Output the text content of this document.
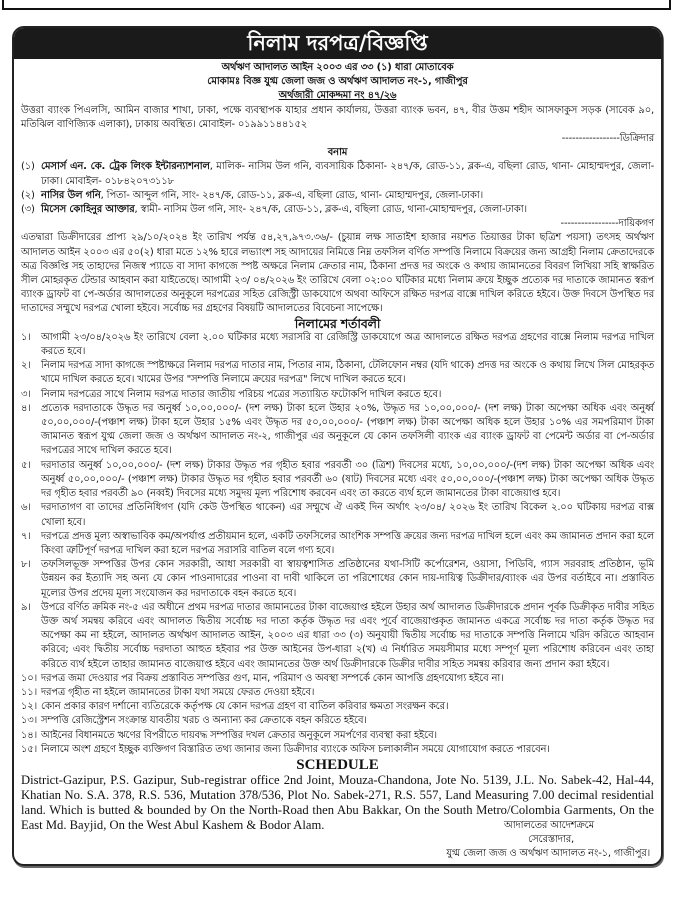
নিলাম দরপত্র/বিজ্ঞপ্তি
অর্থঋণ আদালত আইন ২০০৩ এর ৩৩ (১) ধারা মোতাবেক
মোকামঃ বিজ্ঞ যুগ্ম জেলা জজ ও অর্থঋণ আদালত নং-১, গাজীপুর
অর্থজারী মোকদ্দমা নং ৪৭/২৬
উত্তরা ব্যাংক পিএলসি, আমিন বাজার শাখা, ঢাকা, পক্ষে ব্যবস্থাপক যাহার প্রধান কার্যালয়, উত্তরা ব্যাংক ভবন, ৪৭, বীর উত্তম শহীদ আসফাকুস সড়ক (সাবেক ৯০, মতিঝিল বাণিজ্যিক এলাকা), ঢাকায় অবস্থিত। মোবাইল- ০১৯৯১১৪৪১৫২
-----------------ডিক্রিদার
বনাম
(১) মেসার্স এন. কে. ট্রেক লিংক ইন্টারন্যাশনাল, মালিক- নাসিম উল গনি, ব্যবসায়িক ঠিকানা- ২৪৭/ক, রোড-১১, ব্লক-এ, বছিলা রোড, থানা- মোহাম্মদপুর, জেলা- ঢাকা। মোবাইল- ০১৮৪২০৭৩১১৮
(২) নাসির উল গনি, পিতা- আব্দুল গনি, সাং- ২৪৭/ক, রোড-১১, ব্লক-এ, বছিলা রোড, থানা- মোহাম্মদপুর, জেলা-ঢাকা।
(৩) মিসেস কোহিনুর আক্তার, স্বামী- নাসিম উল গনি, সাং- ২৪৭/ক, রোড-১১, ব্লক-এ, বছিলা রোড, থানা-মোহাম্মদপুর, জেলা-ঢাকা।
-----------------দায়িকগণ
এতদ্বারা ডিক্রীদারের প্রাপ্য ২৯/১০/২০২৪ ইং তারিখ পর্যন্ত ৫৪,২৭,৯৭৩.৩৬/- (চুয়ান্ন লক্ষ সাতাইশ হাজার নয়শত তিয়াত্তর টাকা ছত্রিশ পয়সা) তৎসহ অর্থঋণ আদালত আইন ২০০৩ এর ৫০(২) ধারা মতে ১২% হারে লভ্যাংশ সহ আদায়ের নিমিত্তে নিম্ন তফসিল বর্ণিত সম্পত্তি নিলামে বিক্রয়ের জন্য আগ্রহী নিলাম ক্রেতাদেরকে অত্র বিজ্ঞপ্তি সহ তাহাদের নিজস্ব প্যাডে বা সাদা কাগজে স্পষ্ট অক্ষরে নিলাম ক্রেতার নাম, ঠিকানা প্রদত্ত দর অংকে ও কথায় জামানতের বিবরণ লিখিয়া সহি স্বাক্ষরিত সীল মোহরকৃত টেন্ডার আহবান করা যাইতেছে। আগামী ২৩/ ০৪/২০২৬ ইং তারিখে বেলা ০২:০০ ঘটিকার মধ্যে নিলাম ক্রয়ে ইচ্ছুক প্রত্যেক দর দাতাকে জামানত স্বরূপ ব্যাংক ড্রাফট বা পে-অর্ডার আদালতের অনুকূলে দরপত্রের সহিত রেজিস্ট্রী ডাকযোগে অথবা অফিসে রক্ষিত দরপত্র বাক্সে দাখিল করিতে হইবে। উক্ত দিবসে উপস্থিত দর দাতাদের সম্মুখে দরপত্র খোলা হইবে। সর্বোচ্চ দর গ্রহণের বিষয়টি আদালতের বিবেচনা সাপেক্ষে।
নিলামের শর্তাবলী
১।	আগামী ২৩/০৪/২০২৬ ইং তারিখে বেলা ২.০০ ঘটিকার মধ্যে সরাসরি বা রেজিস্ট্রি ডাকযোগে অত্র আদালতে রক্ষিত দরপত্র গ্রহণের বাক্সে নিলাম দরপত্র দাখিল করতে হবে।
২।	নিলাম দরপত্র সাদা কাগজে স্পষ্টাক্ষরে নিলাম দরপত্র দাতার নাম, পিতার নাম, ঠিকানা, টেলিফোন নম্বর (যদি থাকে) প্রদত্ত দর অংকে ও কথায় লিখে সিল মোহরকৃত খামে দাখিল করতে হবে। খামের উপর "সম্পত্তি নিলামে ক্রয়ের দরপত্র" লিখে দাখিল করতে হবে।
৩।	নিলাম দরপত্রের সাথে নিলাম দরপত্র দাতার জাতীয় পরিচয় পত্রের সত্যায়িত ফটোকপি দাখিল করতে হবে।
৪।	প্রত্যেক দরদাতাকে উদ্ধৃত দর অনুর্ধ্ব ১০,০০,০০০/- (দশ লক্ষ) টাকা হলে উহার ২০%, উদ্ধৃত দর ১০,০০,০০০/- (দশ লক্ষ) টাকা অপেক্ষা অধিক এবং অনুর্ধ্ব ৫০,০০,০০০/-(পঞ্চাশ লক্ষ) টাকা হলে উহার ১৫% এবং উদ্ধৃত দর ৫০,০০,০০০/- (পঞ্চাশ লক্ষ) টাকা অপেক্ষা অধিক হলে উহার ১০% এর সমপরিমাণ টাকা জামানত স্বরূপ যুগ্ম জেলা জজ ও অর্থঋণ আদালত নং-২, গাজীপুর এর অনুকূলে যে কোন তফসিলী ব্যাংক এর ব্যাংক ড্রাফট বা পেমেন্ট অর্ডার বা পে-অর্ডার দরপত্রের সাথে দাখিল করতে হবে।
৫।	দরদাতার অনুর্ধ্ব ১০,০০,০০০/- (দশ লক্ষ) টাকার উদ্ধৃত পর গৃহীত হবার পরবর্তী ৩০ (ত্রিশ) দিবসের মধ্যে, ১০,০০,০০০/-(দশ লক্ষ) টাকা অপেক্ষা অধিক এবং অনুর্ধ্ব ৫০,০০,০০০/- (পঞ্চাশ লক্ষ) টাকার উদ্ধৃত দর গৃহীত হবার পরবর্তী ৬০ (ষাট) দিবসের মধ্যে এবং ৫০,০০,০০০/-(পঞ্চাশ লক্ষ) টাকা অপেক্ষা অধিক উদ্ধৃত দর গৃহীত হবার পরবর্তী ৯০ (নব্বই) দিবসের মধ্যে সমুদয় মূল্য পরিশোধ করবেন এবং তা করতে ব্যর্থ হলে জামানতের টাকা বাজেয়াপ্ত হবে।
৬।	দরদাতাগণ বা তাদের প্রতিনিধিগণ (যদি কেউ উপস্থিত থাকেন) এর সম্মুখে ঐ একই দিন অর্থাৎ ২৩/০৪/ ২০২৬ ইং তারিখ বিকেল ২.০০ ঘটিকায় দরপত্র বাক্স খোলা হবে।
৭।	দরপত্রে প্রদত্ত মূল্য অস্বাভাবিক কম/অপর্যাপ্ত প্রতীয়মান হলে, একটি তফসিলের আংশিক সম্পত্তি ক্রয়ের জন্য দরপত্র দাখিল হলে এবং কম জামানত প্রদান করা হলে কিংবা ত্রুটিপূর্ণ দরপত্র দাখিল করা হলে দরপত্র সরাসরি বাতিল বলে গণ্য হবে।
৮।	তফসিলভূক্ত সম্পত্তির উপর কোন সরকারী, আধা সরকারী বা স্বায়ত্বশাসিত প্রতিষ্ঠানের যথা-সিটি কর্পোরেশন, ওয়াসা, পিডিবি, গ্যাস সরবরাহ প্রতিষ্ঠান, ভূমি উন্নয়ন কর ইত্যাদি সহ অন্য যে কোন পাওনাদারের পাওনা বা দাবী থাকিলে তা পরিশোধের কোন দায়-দায়িত্ব ডিক্রীদার/ব্যাংক এর উপর বর্তাইবে না। প্রস্তাবিত মূল্যের উপর প্রদেয় মূল্য সংযোজন কর দরদাতাকে বহন করতে হবে।
৯।	উপরে বর্ণিত ক্রমিক নং-৫ এর অধীনে প্রথম দরপত্র দাতার জামানতের টাকা বাজেয়াপ্ত হইলে উহার অর্থ আদালত ডিক্রীদারকে প্রদান পূর্বক ডিক্রীকৃত দাবীর সহিত উক্ত অর্থ সমন্বয় করিবে এবং আদালত দ্বিতীয় সর্বোচ্চ দর দাতা কর্তৃক উদ্ধৃত দর এবং পূর্বে বাজেয়াপ্তকৃত জামানত একত্রে সর্বোচ্চ দর দাতা কর্তৃক উদ্ধৃত দর অপেক্ষা কম না হইলে, আদালত অর্থঋণ আদালত আইন, ২০০৩ এর ধারা ৩৩ (৩) অনুযায়ী দ্বিতীয় সর্বোচ্চ দর দাতাকে সম্পত্তি নিলামে খরিদ করিতে আহবান করিবে; এবং দ্বিতীয় সর্বোচ্চ দরদাতা আহুত হইবার পর উক্ত আইনের উপ-ধারা ২(খ) এ নির্ধারিত সময়সীমার মধ্যে সম্পূর্ণ মূল্য পরিশোধ করিবেন এবং তাহা করিতে ব্যর্থ হইলে তাহার জামানত বাজেয়াপ্ত হইবে এবং জামানতের উক্ত অর্থ ডিক্রীদারকে ডিক্রীর দাবীর সহিত সমন্বয় করিবার জন্য প্রদান করা হইবে।
১০। দরপত্র জমা দেওয়ার পর বিক্রয় প্রস্তাবিত সম্পত্তির গুণ, মান, পরিমাণ ও অবস্থা সম্পর্কে কোন আপত্তি গ্রহণযোগ্য হইবে না।
১১। দরপত্র গৃহীত না হইলে জামানতের টাকা যথা সময়ে ফেরত দেওয়া হইবে।
১২। কোন প্রকার কারণ দর্শানো ব্যতিরেকে কর্তৃপক্ষ যে কোন দরপত্র গ্রহণ বা বাতিল করিবার ক্ষমতা সংরক্ষন করে।
১৩। সম্পত্তি রেজিস্ট্রেশন সংক্রান্ত যাবতীয় খরচ ও অন্যান্য কর ক্রেতাকে বহন করিতে হইবে।
১৪। আইনের বিধানমতে ঋণের বিপরীতে দায়বদ্ধ সম্পত্তির দখল ক্রেতার অনুকূলে সমর্পণের ব্যবস্থা করা হইবে।
১৫। নিলামে অংশ গ্রহণে ইচ্ছুক ব্যক্তিগণ বিস্তারিত তথ্য জানার জন্য ডিক্রীদার ব্যাংকে অফিস চলাকালীন সময়ে যোগাযোগ করতে পারবেন।
SCHEDULE
District-Gazipur, P.S. Gazipur, Sub-registrar office 2nd Joint, Mouza-Chandona, Jote No. 5139, J.L. No. Sabek-42, Hal-44, Khatian No. S.A. 378, R.S. 536, Mutation 378/536, Plot No. Sabek-271, R.S. 557, Land Measuring 7.00 decimal residential land. Which is butted & bounded by On the North-Road then Abu Bakkar, On the South Metro/Colombia Garments, On the East Md. Bayjid, On the West Abul Kashem & Bodor Alam.	আদালতের আদেশক্রমে
সেরেস্তাদার,
যুগ্ম জেলা জজ ও অর্থঋণ আদালত নং-১, গাজীপুর।
